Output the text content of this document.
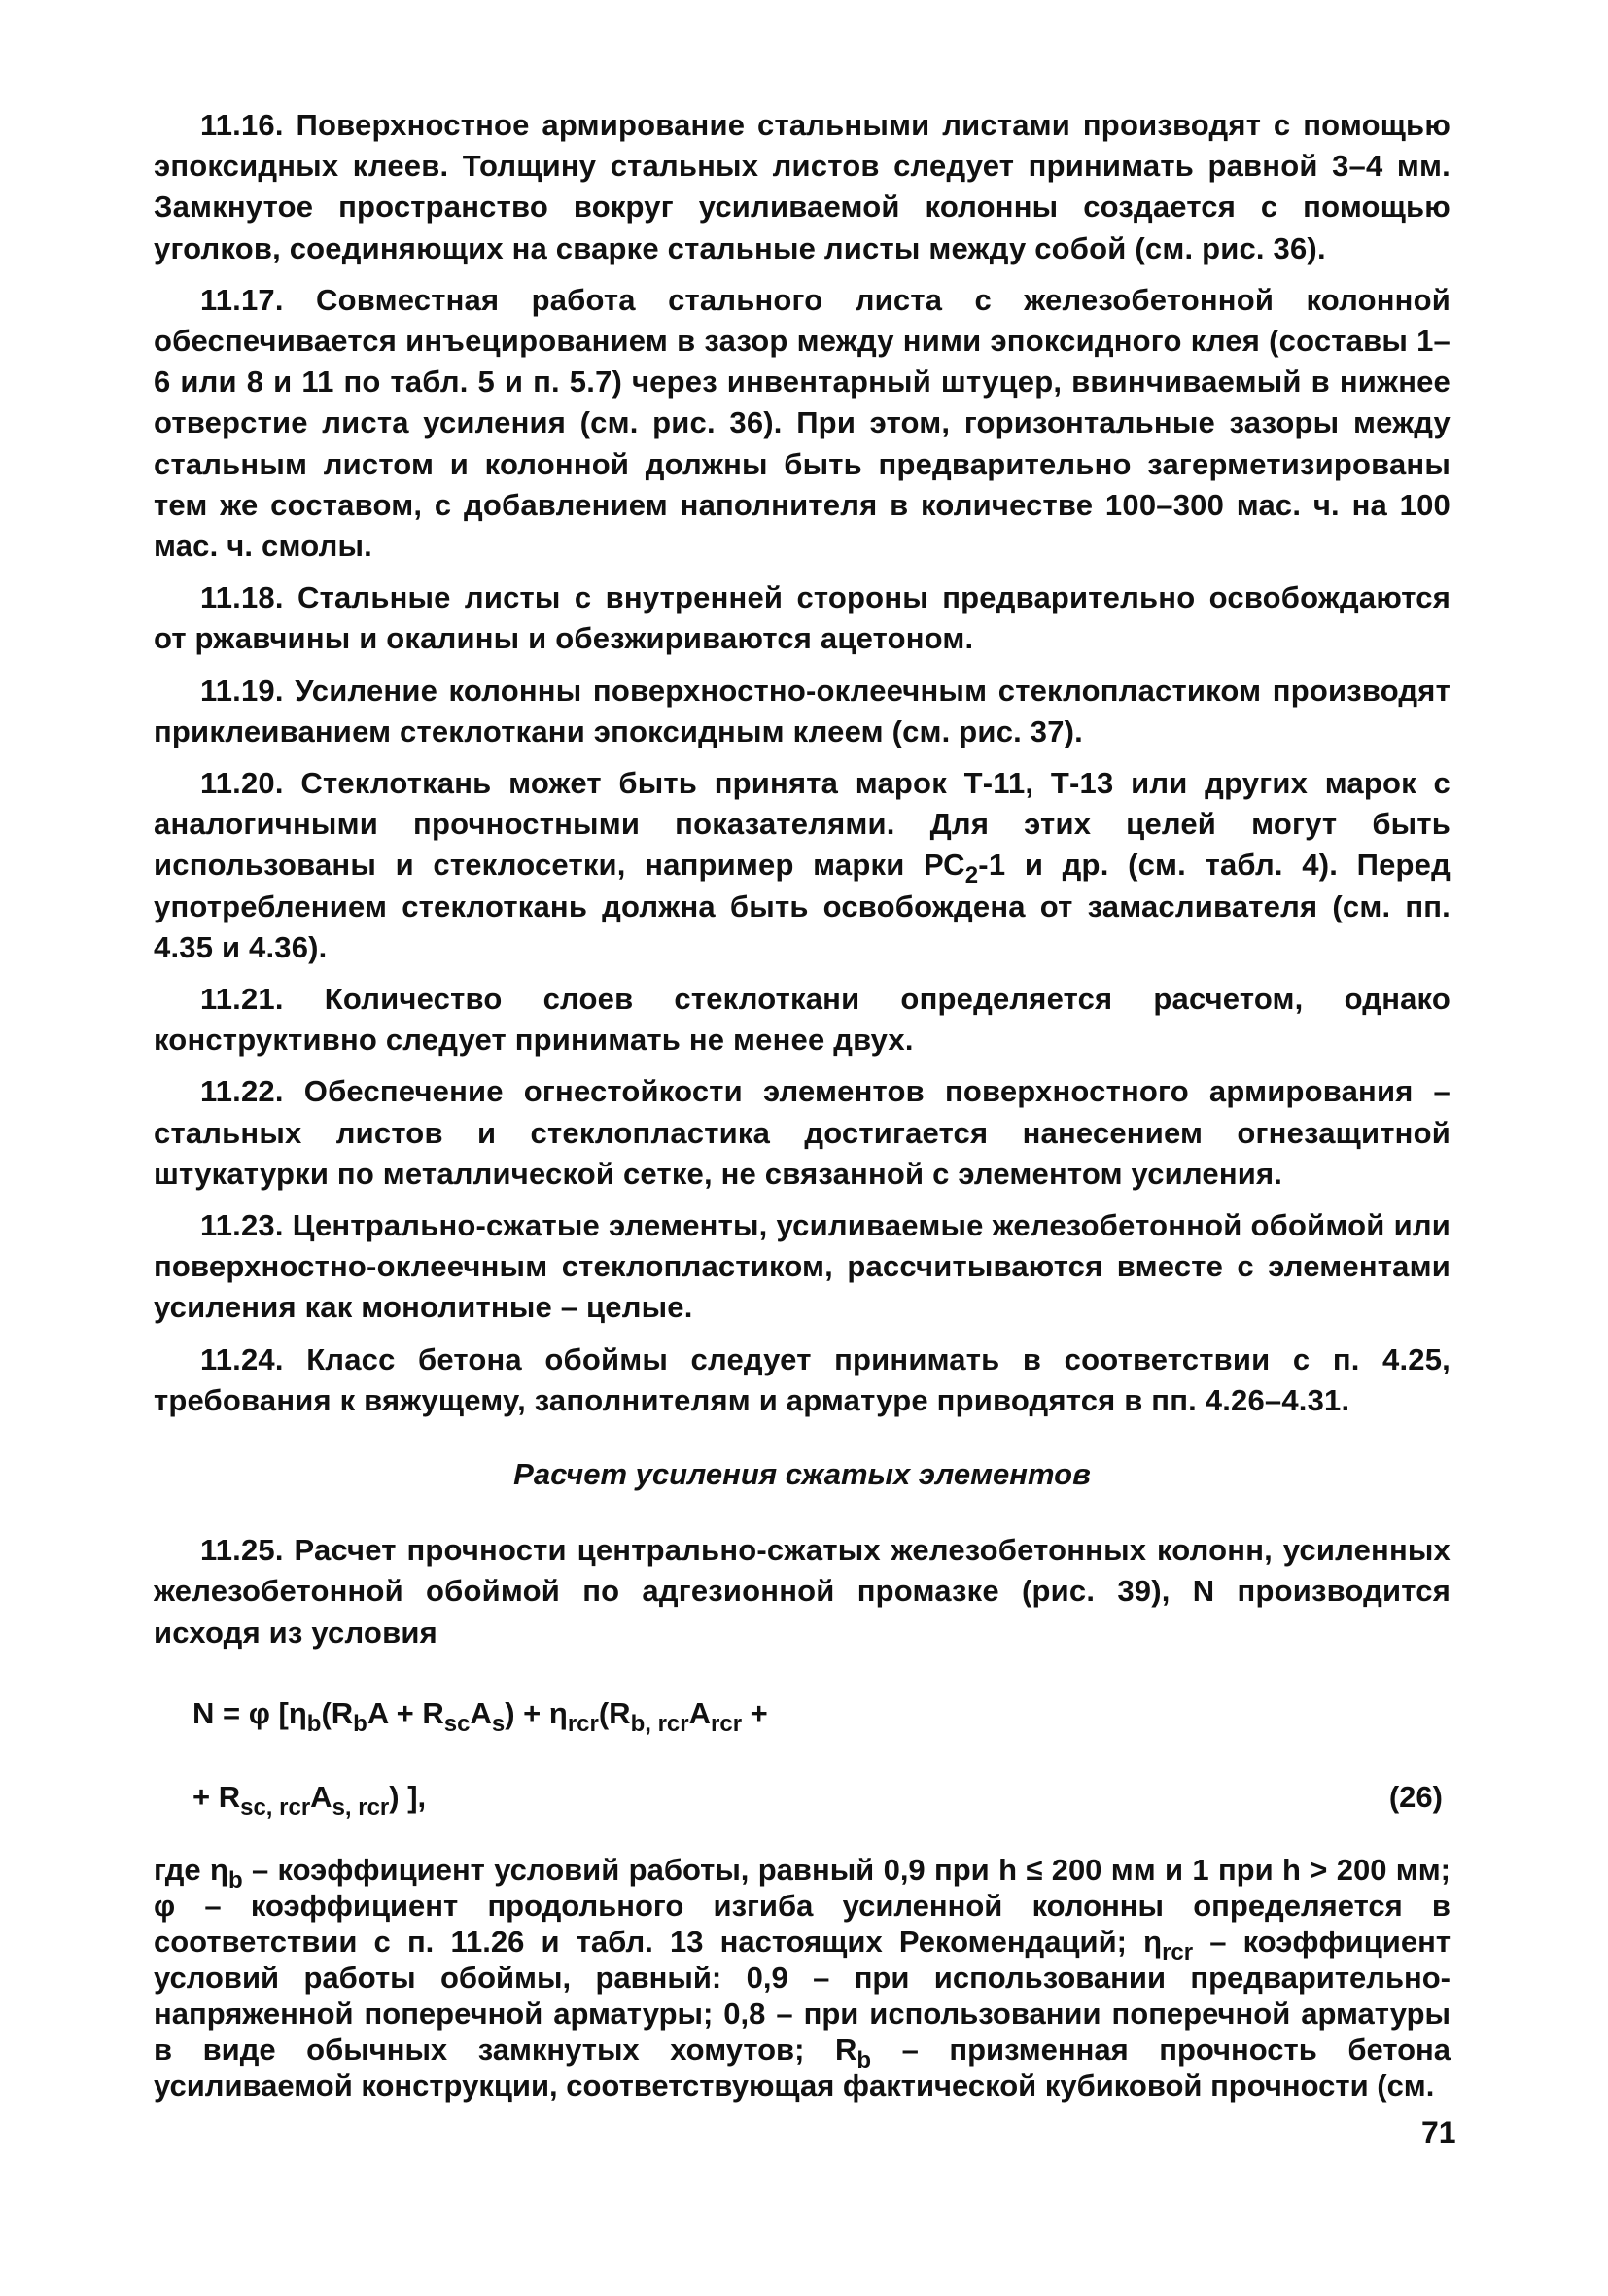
11.16. Поверхностное армирование стальными листами производят с помощью эпоксидных клеев. Толщину стальных листов следует принимать равной 3–4 мм. Замкнутое пространство вокруг усиливаемой колонны создается с помощью уголков, соединяющих на сварке стальные листы между собой (см. рис. 36).

11.17. Совместная работа стального листа с железобетонной колонной обеспечивается инъецированием в зазор между ними эпоксидного клея (составы 1–6 или 8 и 11 по табл. 5 и п. 5.7) через инвентарный штуцер, ввинчиваемый в нижнее отверстие листа усиления (см. рис. 36). При этом, горизонтальные зазоры между стальным листом и колонной должны быть предварительно загерметизированы тем же составом, с добавлением наполнителя в количестве 100–300 мас. ч. на 100 мас. ч. смолы.

11.18. Стальные листы с внутренней стороны предварительно освобождаются от ржавчины и окалины и обезжириваются ацетоном.

11.19. Усиление колонны поверхностно-оклеечным стеклопластиком производят приклеиванием стеклоткани эпоксидным клеем (см. рис. 37).

11.20. Стеклоткань может быть принята марок Т-11, Т-13 или других марок с аналогичными прочностными показателями. Для этих целей могут быть использованы и стеклосетки, например марки $РС_2-1$ и др. (см. табл. 4). Перед употреблением стеклоткань должна быть освобождена от замасливателя (см. пп. 4.35 и 4.36).

11.21. Количество слоев стеклоткани определяется расчетом, однако конструктивно следует принимать не менее двух.

11.22. Обеспечение огнестойкости элементов поверхностного армирования – стальных листов и стеклопластика достигается нанесением огнезащитной штукатурки по металлической сетке, не связанной с элементом усиления.

11.23. Центрально-сжатые элементы, усиливаемые железобетонной обоймой или поверхностно-оклеечным стеклопластиком, рассчитываются вместе с элементами усиления как монолитные – целые.

11.24. Класс бетона обоймы следует принимать в соответствии с п. 4.25, требования к вяжущему, заполнителям и арматуре приводятся в пп. 4.26–4.31.

Расчет усиления сжатых элементов

11.25. Расчет прочности центрально-сжатых железобетонных колонн, усиленных железобетонной обоймой по адгезионной промазке (рис. 39), N производится исходя из условия

N = φ [$\eta_b(R_bA + R_{sc}A_s) + \eta_{rcr}(R_{b, rcr}A_{rcr}$ +
+ $R_{sc, rcr}A_{s, rcr}$) ],	(26)

где $\eta_b$ – коэффициент условий работы, равный 0,9 при h ≤ 200 мм и 1 при h > 200 мм; φ – коэффициент продольного изгиба усиленной колонны определяется в соответствии с п. 11.26 и табл. 13 настоящих Рекомендаций; $\eta_{rcr}$ – коэффициент условий работы обоймы, равный: 0,9 – при использовании предварительно-напряженной поперечной арматуры; 0,8 – при использовании поперечной арматуры в виде обычных замкнутых хомутов; $R_b$ – призменная прочность бетона усиливаемой конструкции, соответствующая фактической кубиковой прочности (см.

71
